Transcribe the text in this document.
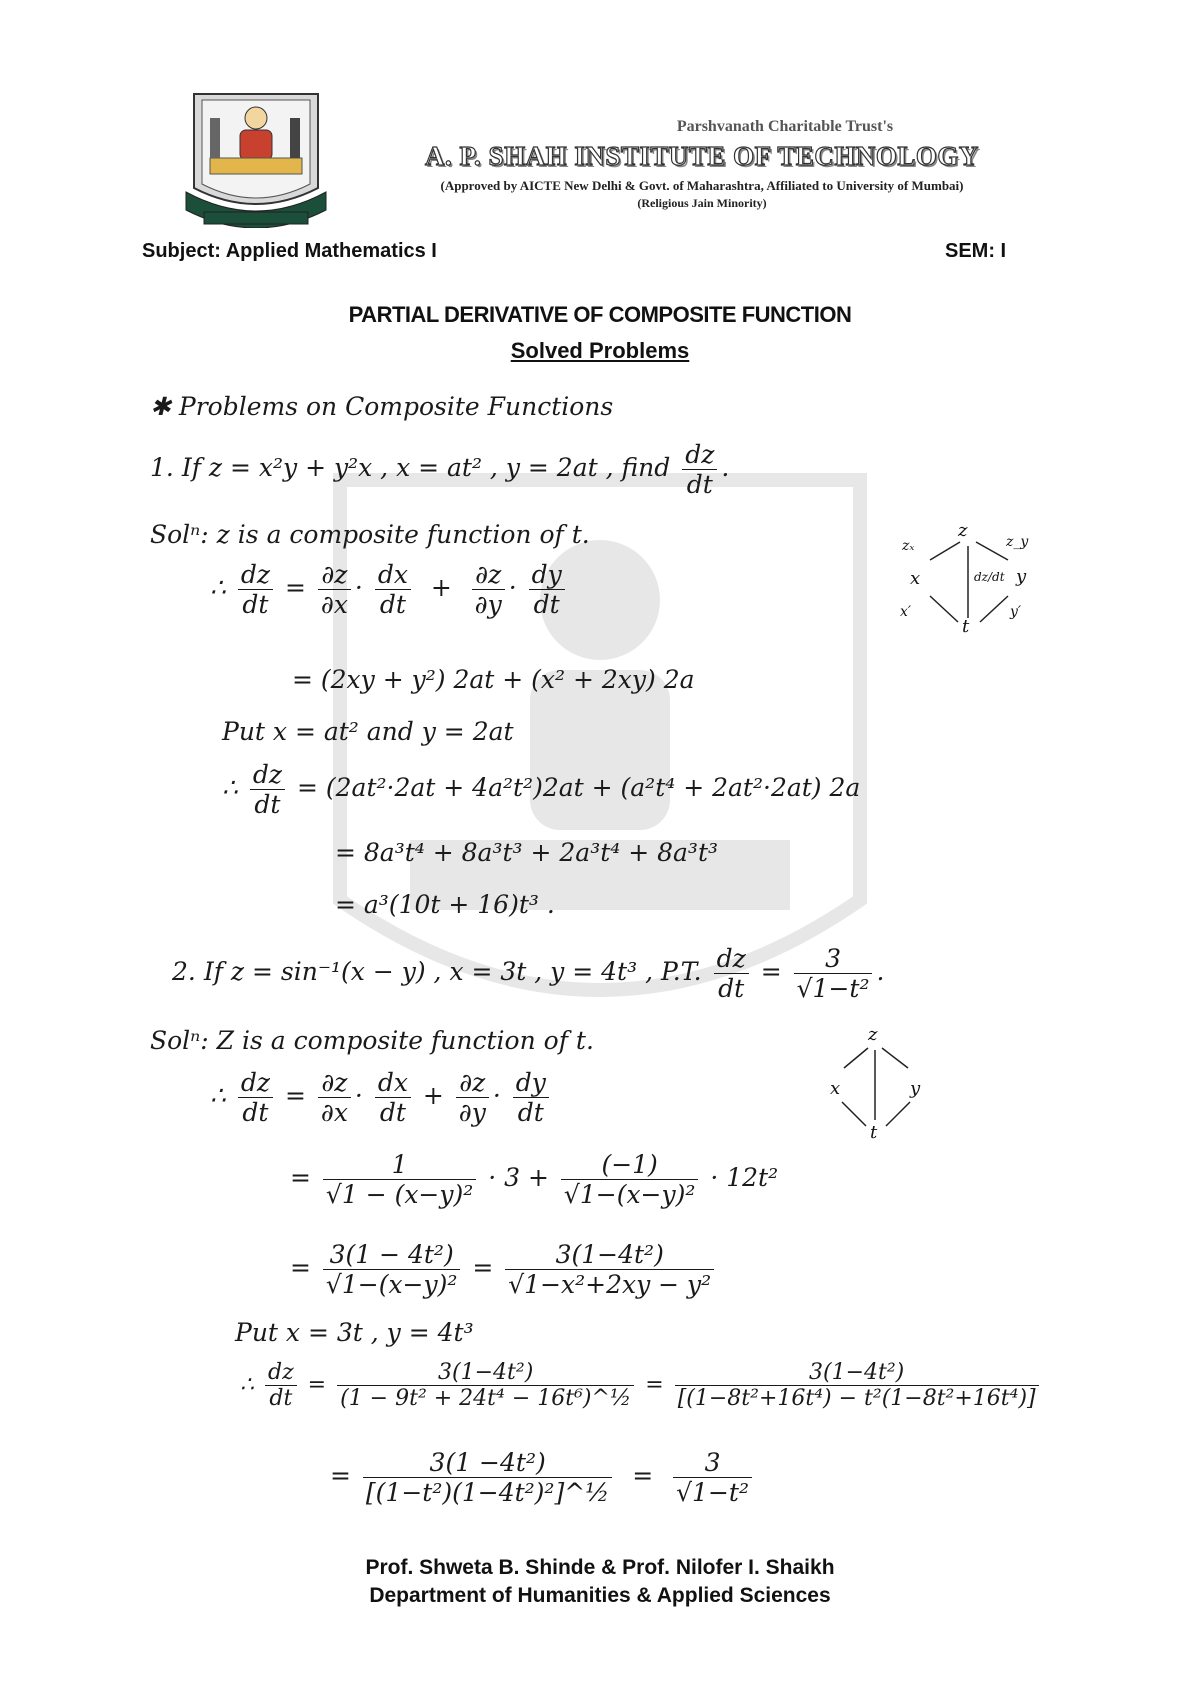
Parshvanath Charitable Trust's
A. P. SHAH INSTITUTE OF TECHNOLOGY
(Approved by AICTE New Delhi & Govt. of Maharashtra, Affiliated to University of Mumbai)
(Religious Jain Minority)
Subject: Applied Mathematics I	SEM: I
PARTIAL DERIVATIVE OF COMPOSITE FUNCTION
Solved Problems
✱ Problems on Composite Functions
1. If z = x²y + y²x , x = at² , y = 2at , find $\frac{dz}{dt}$ .
Solⁿ: z is a composite function of t.
∴ $\frac{dz}{dt} = \frac{\partial z}{\partial x} \cdot \frac{dx}{dt} + \frac{\partial z}{\partial y} \cdot \frac{dy}{dt}$
z
zₓ	z_y
x	y
dz/dt
x′	y′
t
= (2xy + y²) 2at + (x² + 2xy) 2a
Put x = at² and y = 2at
∴ $\frac{dz}{dt} = (2at^2\cdot 2at + 4a^2t^2)2at + (a^2t^4 + 2at^2\cdot 2at)$ 2a
= 8a³t⁴ + 8a³t³ + 2a³t⁴ + 8a³t³
= a³(10t + 16)t³ .
2. If z = sin⁻¹(x − y) , x = 3t , y = 4t³ , P.T. $\frac{dz}{dt} = \frac{3}{\text{√1−t²}}$ .
Solⁿ: Z is a composite function of t.
∴ $\frac{dz}{dt} = \frac{\partial z}{\partial x} \cdot \frac{dx}{dt} + \frac{\partial z}{\partial y} \cdot \frac{dy}{dt}$
z
x	y
t
= $\frac{1}{\text{√1 − (x−y)²}} \cdot 3 + \frac{(-1)}{\text{√1−(x−y)²}} \cdot 12t^2$
= $\frac{\text{3(1 − 4t²)}}{\text{√1−(x−y)²}} = \frac{\text{3(1−4t²)}}{\text{√1−x²+2xy − y²}}$
Put x = 3t , y = 4t³
∴ $\frac{dz}{dt} = \frac{\text{3(1−4t²)}}{\text{(1 − 9t² + 24t⁴ − 16t⁶)\textasciicircum{}½}} = \frac{\text{3(1−4t²)}}{\text{[(1−8t²+16t⁴) − t²(1−8t²+16t⁴)]}}$
= $\frac{\text{3(1 −4t²)}}{\text{[(1−t²)(1−4t²)²]\textasciicircum{}½}} = \frac{3}{\text{√1−t²}}$
Prof. Shweta B. Shinde & Prof. Nilofer I. Shaikh
Department of Humanities & Applied Sciences
